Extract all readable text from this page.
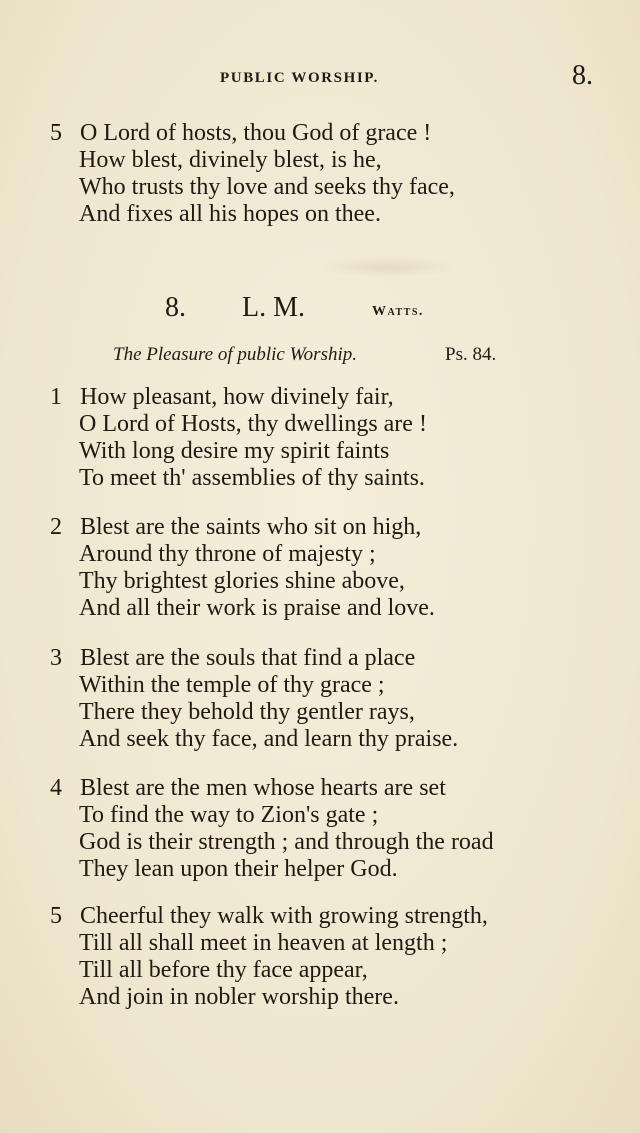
PUBLIC WORSHIP.	8.
5 O Lord of hosts, thou God of grace !
How blest, divinely blest, is he,
Who trusts thy love and seeks thy face,
And fixes all his hopes on thee.
8. L. M.	Watts.
The Pleasure of public Worship.	Ps. 84.
1 How pleasant, how divinely fair,
O Lord of Hosts, thy dwellings are !
With long desire my spirit faints
To meet th' assemblies of thy saints.
2 Blest are the saints who sit on high,
Around thy throne of majesty ;
Thy brightest glories shine above,
And all their work is praise and love.
3 Blest are the souls that find a place
Within the temple of thy grace ;
There they behold thy gentler rays,
And seek thy face, and learn thy praise.
4 Blest are the men whose hearts are set
To find the way to Zion's gate ;
God is their strength ; and through the road
They lean upon their helper God.
5 Cheerful they walk with growing strength,
Till all shall meet in heaven at length ;
Till all before thy face appear,
And join in nobler worship there.
